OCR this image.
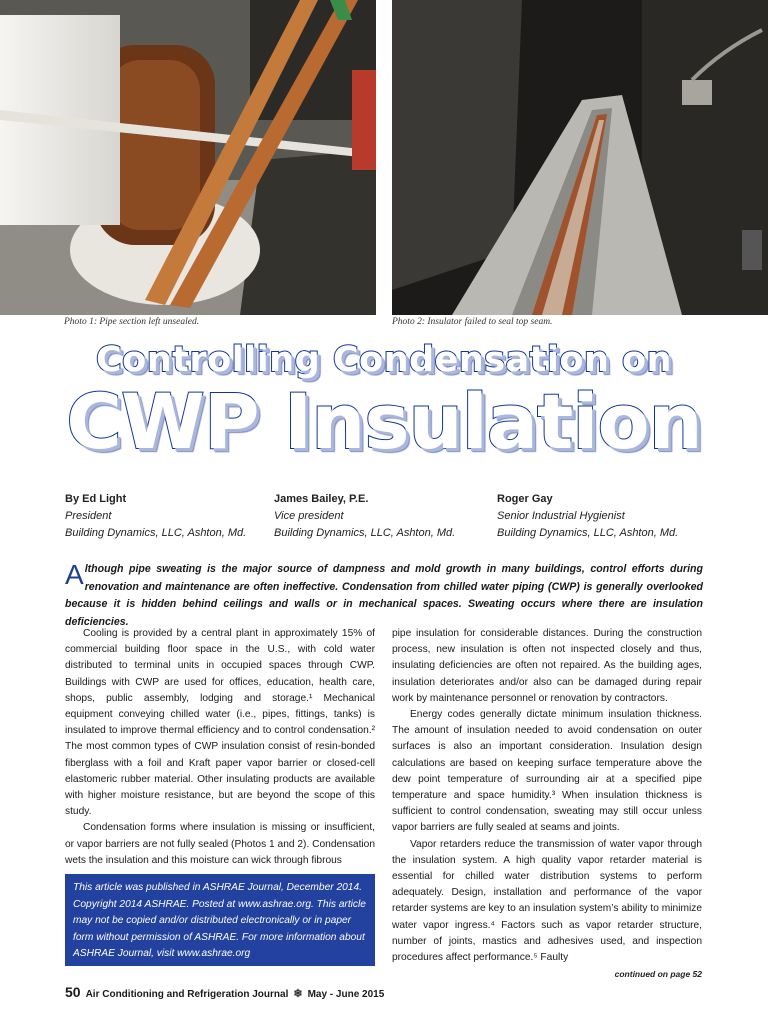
Photo 1: Pipe section left unsealed.	Photo 2: Insulator failed to seal top seam.
Controlling Condensation on
CWP Insulation
By Ed Light
President
Building Dynamics, LLC, Ashton, Md.
James Bailey, P.E.
Vice president
Building Dynamics, LLC, Ashton, Md.
Roger Gay
Senior Industrial Hygienist
Building Dynamics, LLC, Ashton, Md.
A lthough pipe sweating is the major source of dampness and mold growth in many buildings, control efforts during renovation and maintenance are often ineffective. Condensation from chilled water piping (CWP) is generally overlooked because it is hidden behind ceilings and walls or in mechanical spaces. Sweating occurs where there are insulation deficiencies.

Cooling is provided by a central plant in approximately 15% of commercial building floor space in the U.S., with cold water distributed to terminal units in occupied spaces through CWP. Buildings with CWP are used for offices, education, health care, shops, public assembly, lodging and storage.¹ Mechanical equipment conveying chilled water (i.e., pipes, fittings, tanks) is insulated to improve thermal efficiency and to control condensation.² The most common types of CWP insulation consist of resin-bonded fiberglass with a foil and Kraft paper vapor barrier or closed-cell elastomeric rubber material. Other insulating products are available with higher moisture resistance, but are beyond the scope of this study.

Condensation forms where insulation is missing or insufficient, or vapor barriers are not fully sealed (Photos 1 and 2). Condensation wets the insulation and this moisture can wick through fibrous

This article was published in ASHRAE Journal, December 2014. Copyright 2014 ASHRAE. Posted at www.ashrae.org. This article may not be copied and/or distributed electronically or in paper form without permission of ASHRAE. For more information about ASHRAE Journal, visit www.ashrae.org

pipe insulation for considerable distances. During the construction process, new insulation is often not inspected closely and thus, insulating deficiencies are often not repaired. As the building ages, insulation deteriorates and/or also can be damaged during repair work by maintenance personnel or renovation by contractors.

Energy codes generally dictate minimum insulation thickness. The amount of insulation needed to avoid condensation on outer surfaces is also an important consideration. Insulation design calculations are based on keeping surface temperature above the dew point temperature of surrounding air at a specified pipe temperature and space humidity.³ When insulation thickness is sufficient to control condensation, sweating may still occur unless vapor barriers are fully sealed at seams and joints.

Vapor retarders reduce the transmission of water vapor through the insulation system. A high quality vapor retarder material is essential for chilled water distribution systems to perform adequately. Design, installation and performance of the vapor retarder systems are key to an insulation system’s ability to minimize water vapor ingress.⁴ Factors such as vapor retarder structure, number of joints, mastics and adhesives used, and inspection procedures affect performance.⁵ Faulty

continued on page 52
50 Air Conditioning and Refrigeration Journal ❄ May - June 2015
